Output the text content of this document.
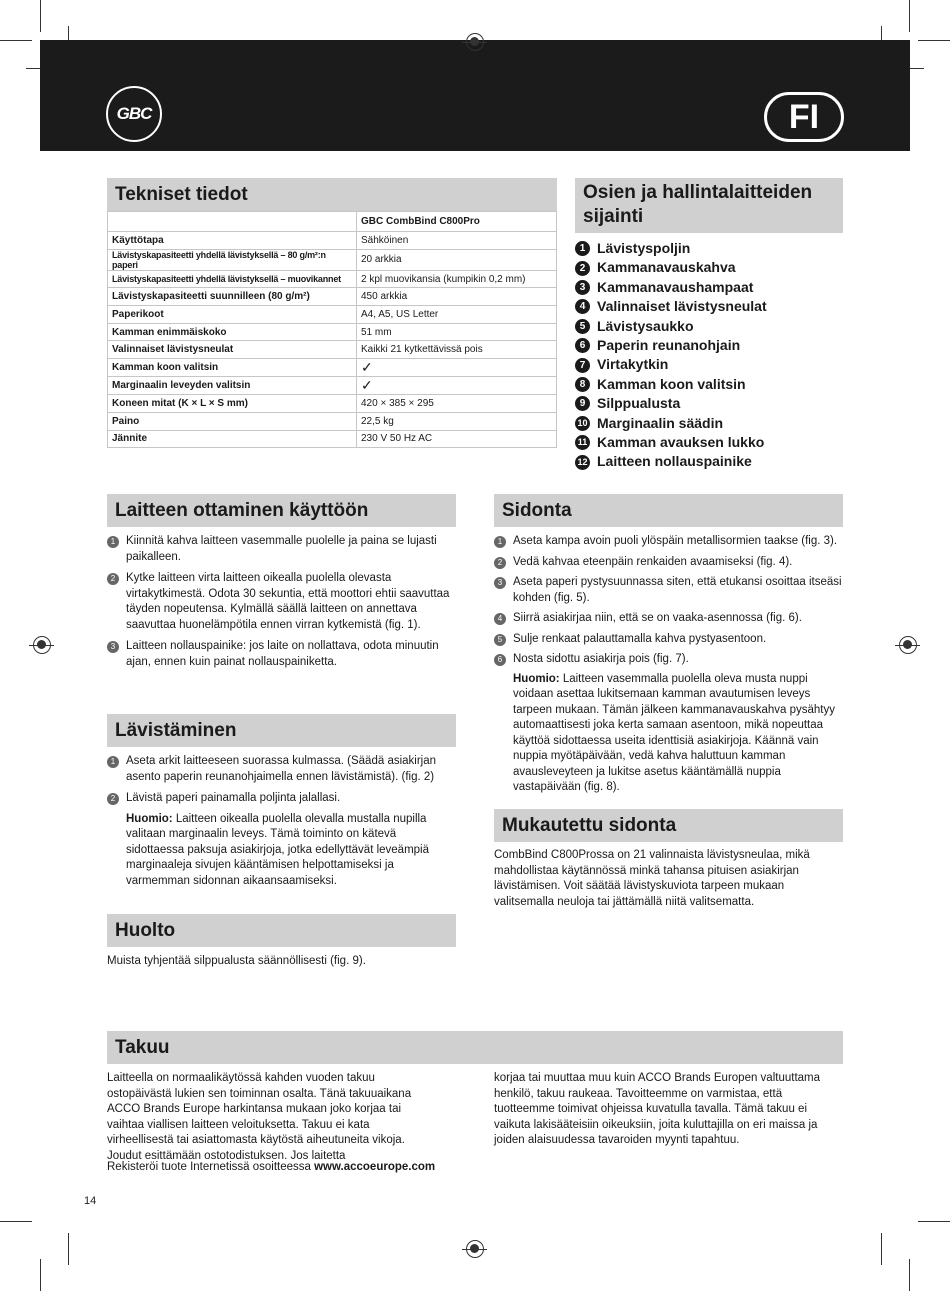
GBC	FI
Tekniset tiedot
	GBC CombBind C800Pro
Käyttötapa	Sähköinen
Lävistyskapasiteetti yhdellä lävistyksellä – 80 g/m²:n paperi	20 arkkia
Lävistyskapasiteetti yhdellä lävistyksellä – muovikannet	2 kpl muovikansia (kumpikin 0,2 mm)
Lävistyskapasiteetti suunnilleen (80 g/m²)	450 arkkia
Paperikoot	A4, A5, US Letter
Kamman enimmäiskoko	51 mm
Valinnaiset lävistysneulat	Kaikki 21 kytkettävissä pois
Kamman koon valitsin	✓
Marginaalin leveyden valitsin	✓
Koneen mitat (K × L × S mm)	420 × 385 × 295
Paino	22,5 kg
Jännite	230 V 50 Hz AC
Osien ja hallintalaitteiden
sijainti
1 Lävistyspoljin
2 Kammanavauskahva
3 Kammanavaushampaat
4 Valinnaiset lävistysneulat
5 Lävistysaukko
6 Paperin reunanohjain
7 Virtakytkin
8 Kamman koon valitsin
9 Silppualusta
10 Marginaalin säädin
11 Kamman avauksen lukko
12 Laitteen nollauspainike
Laitteen ottaminen käyttöön
1 Kiinnitä kahva laitteen vasemmalle puolelle ja paina se lujasti paikalleen.
2 Kytke laitteen virta laitteen oikealla puolella olevasta virtakytkimestä. Odota 30 sekuntia, että moottori ehtii saavuttaa täyden nopeutensa. Kylmällä säällä laitteen on annettava saavuttaa huonelämpötila ennen virran kytkemistä (fig. 1).
3 Laitteen nollauspainike: jos laite on nollattava, odota minuutin ajan, ennen kuin painat nollauspainiketta.
Lävistäminen
1 Aseta arkit laitteeseen suorassa kulmassa. (Säädä asiakirjan asento paperin reunanohjaimella ennen lävistämistä). (fig. 2)
2 Lävistä paperi painamalla poljinta jalallasi.
Huomio: Laitteen oikealla puolella olevalla mustalla nupilla valitaan marginaalin leveys. Tämä toiminto on kätevä sidottaessa paksuja asiakirjoja, jotka edellyttävät leveämpiä marginaaleja sivujen kääntämisen helpottamiseksi ja varmemman sidonnan aikaansaamiseksi.
Huolto
Muista tyhjentää silppualusta säännöllisesti (fig. 9).
Sidonta
1 Aseta kampa avoin puoli ylöspäin metallisormien taakse (fig. 3).
2 Vedä kahvaa eteenpäin renkaiden avaamiseksi (fig. 4).
3 Aseta paperi pystysuunnassa siten, että etukansi osoittaa itseäsi kohden (fig. 5).
4 Siirrä asiakirjaa niin, että se on vaaka-asennossa (fig. 6).
5 Sulje renkaat palauttamalla kahva pystyasentoon.
6 Nosta sidottu asiakirja pois (fig. 7).
Huomio: Laitteen vasemmalla puolella oleva musta nuppi voidaan asettaa lukitsemaan kamman avautumisen leveys tarpeen mukaan. Tämän jälkeen kammanavauskahva pysähtyy automaattisesti joka kerta samaan asentoon, mikä nopeuttaa käyttöä sidottaessa useita identtisiä asiakirjoja. Käännä vain nuppia myötäpäivään, vedä kahva haluttuun kamman avausleveyteen ja lukitse asetus kääntämällä nuppia vastapäivään (fig. 8).
Mukautettu sidonta
CombBind C800Prossa on 21 valinnaista lävistysneulaa, mikä mahdollistaa käytännössä minkä tahansa pituisen asiakirjan lävistämisen. Voit säätää lävistyskuviota tarpeen mukaan valitsemalla neuloja tai jättämällä niitä valitsematta.
Takuu
Laitteella on normaalikäytössä kahden vuoden takuu ostopäivästä lukien sen toiminnan osalta. Tänä takuuaikana ACCO Brands Europe harkintansa mukaan joko korjaa tai vaihtaa viallisen laitteen veloituksetta. Takuu ei kata virheellisestä tai asiattomasta käytöstä aiheutuneita vikoja. Joudut esittämään ostotodistuksen. Jos laitetta
korjaa tai muuttaa muu kuin ACCO Brands Europen valtuuttama henkilö, takuu raukeaa. Tavoitteemme on varmistaa, että tuotteemme toimivat ohjeissa kuvatulla tavalla. Tämä takuu ei vaikuta lakisääteisiin oikeuksiin, joita kuluttajilla on eri maissa ja joiden alaisuudessa tavaroiden myynti tapahtuu.
Rekisteröi tuote Internetissä osoitteessa www.accoeurope.com
14
